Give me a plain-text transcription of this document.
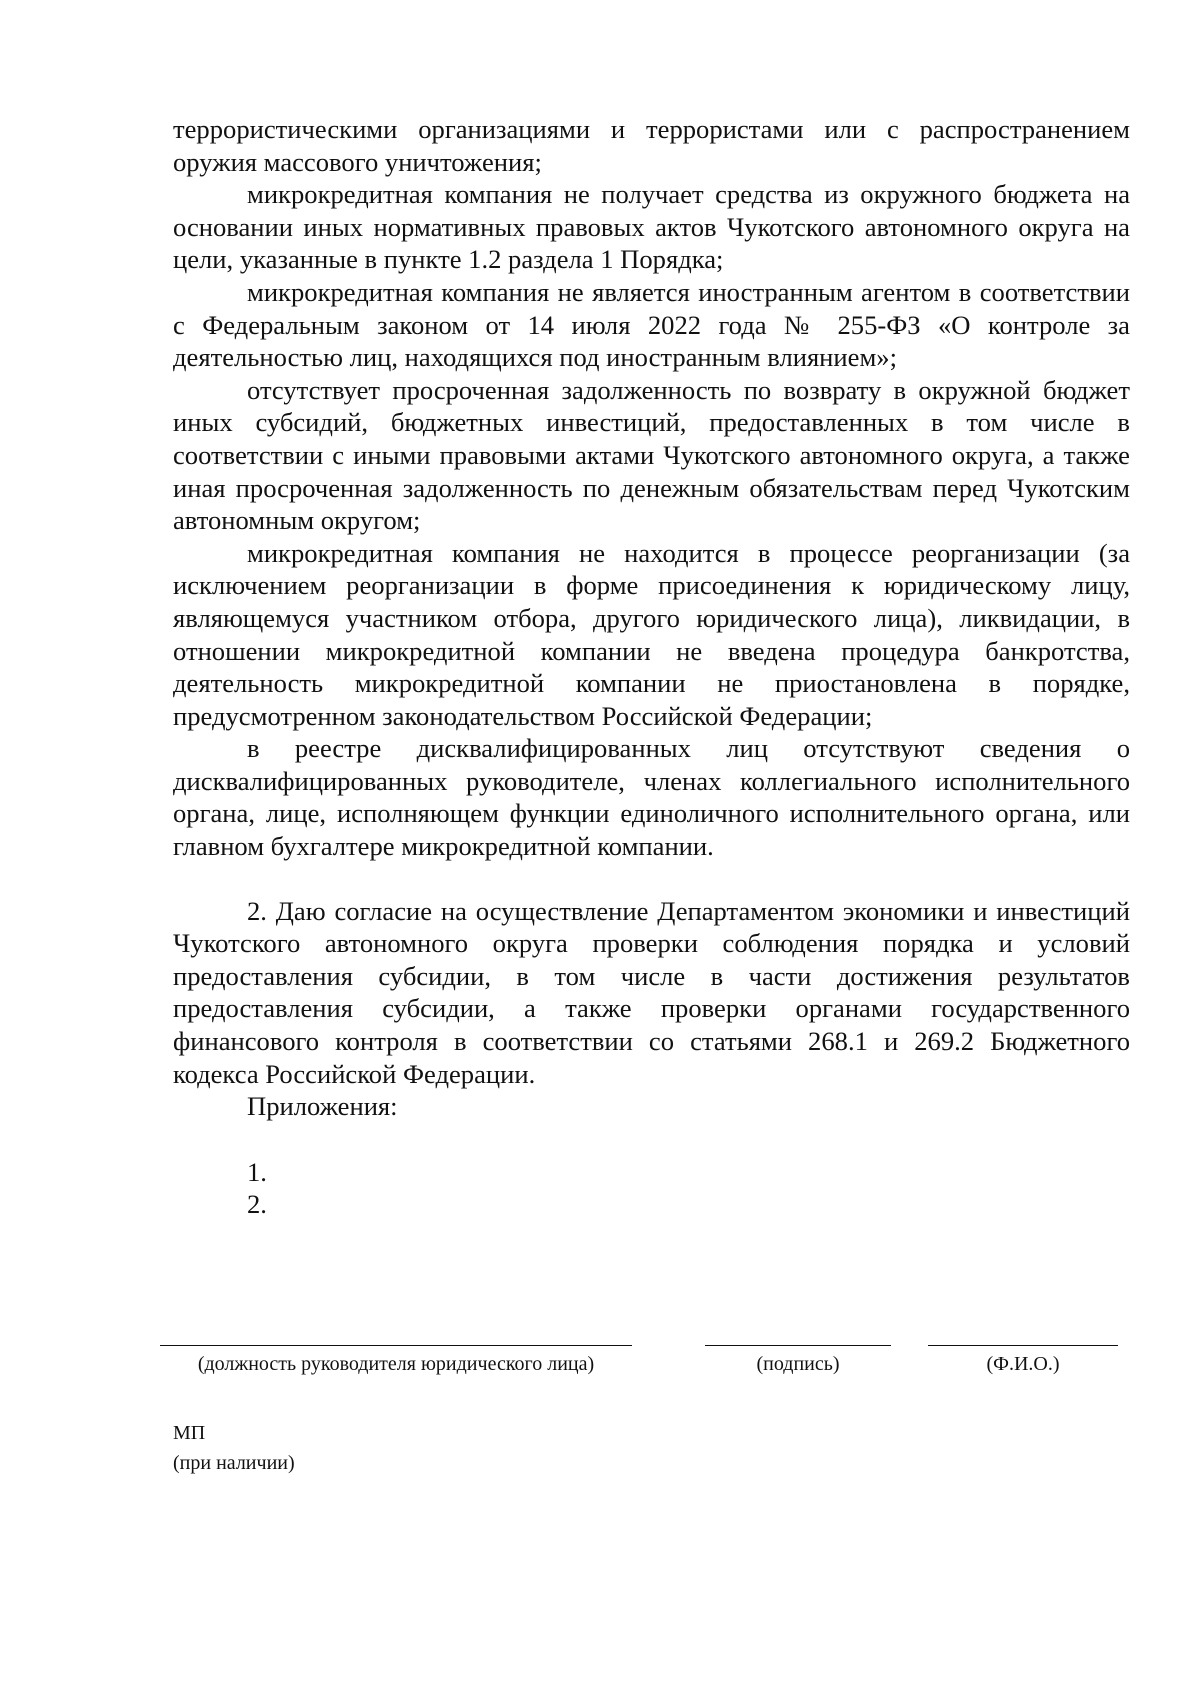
террористическими организациями и террористами или с распространением оружия массового уничтожения;

микрокредитная компания не получает средства из окружного бюджета на основании иных нормативных правовых актов Чукотского автономного округа на цели, указанные в пункте 1.2 раздела 1 Порядка;

микрокредитная компания не является иностранным агентом в соответствии с Федеральным законом от 14 июля 2022 года № 255-ФЗ «О контроле за деятельностью лиц, находящихся под иностранным влиянием»;

отсутствует просроченная задолженность по возврату в окружной бюджет иных субсидий, бюджетных инвестиций, предоставленных в том числе в соответствии с иными правовыми актами Чукотского автономного округа, а также иная просроченная задолженность по денежным обязательствам перед Чукотским автономным округом;

микрокредитная компания не находится в процессе реорганизации (за исключением реорганизации в форме присоединения к юридическому лицу, являющемуся участником отбора, другого юридического лица), ликвидации, в отношении микрокредитной компании не введена процедура банкротства, деятельность микрокредитной компании не приостановлена в порядке, предусмотренном законодательством Российской Федерации;

в реестре дисквалифицированных лиц отсутствуют сведения о дисквалифицированных руководителе, членах коллегиального исполнительного органа, лице, исполняющем функции единоличного исполнительного органа, или главном бухгалтере микрокредитной компании.

2. Даю согласие на осуществление Департаментом экономики и инвестиций Чукотского автономного округа проверки соблюдения порядка и условий предоставления субсидии, в том числе в части достижения результатов предоставления субсидии, а также проверки органами государственного финансового контроля в соответствии со статьями 268.1 и 269.2 Бюджетного кодекса Российской Федерации.

Приложения:

1.

2.

(должность руководителя юридического лица)	(подпись)	(Ф.И.О.)
МП
(при наличии)
